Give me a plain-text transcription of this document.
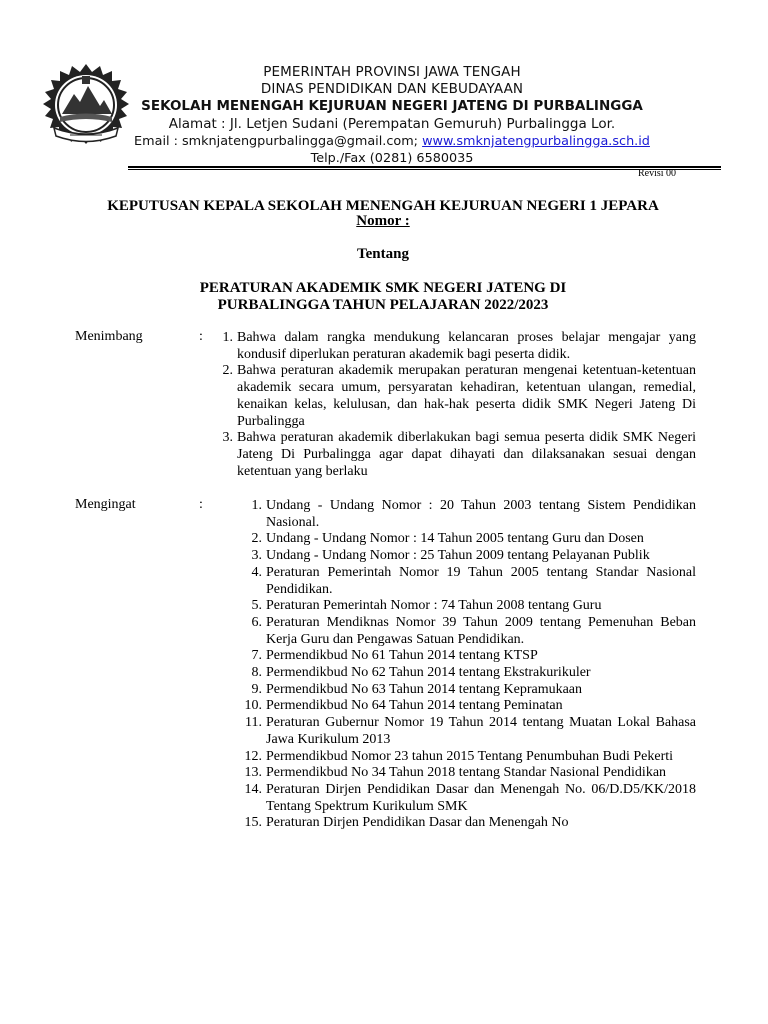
PEMERINTAH PROVINSI JAWA TENGAH
DINAS PENDIDIKAN DAN KEBUDAYAAN
SEKOLAH MENENGAH KEJURUAN NEGERI JATENG DI PURBALINGGA
Alamat : Jl. Letjen Sudani (Perempatan Gemuruh) Purbalingga Lor.
Email : smknjatengpurbalingga@gmail.com; www.smknjatengpurbalingga.sch.id
Telp./Fax (0281) 6580035
Revisi 00
KEPUTUSAN KEPALA SEKOLAH MENENGAH KEJURUAN NEGERI 1 JEPARA
Nomor :
Tentang
PERATURAN AKADEMIK SMK NEGERI JATENG DI
PURBALINGGA TAHUN PELAJARAN 2022/2023
Menimbang	:	1. Bahwa dalam rangka mendukung kelancaran proses belajar mengajar yang kondusif diperlukan peraturan akademik bagi peserta didik.
2. Bahwa peraturan akademik merupakan peraturan mengenai ketentuan-ketentuan akademik secara umum, persyaratan kehadiran, ketentuan ulangan, remedial, kenaikan kelas, kelulusan, dan hak-hak peserta didik SMK Negeri Jateng Di Purbalingga
3. Bahwa peraturan akademik diberlakukan bagi semua peserta didik SMK Negeri Jateng Di Purbalingga agar dapat dihayati dan dilaksanakan sesuai dengan ketentuan yang berlaku
Mengingat	:	1. Undang - Undang Nomor : 20 Tahun 2003 tentang Sistem Pendidikan Nasional.
2. Undang - Undang Nomor : 14 Tahun 2005 tentang Guru dan Dosen
3. Undang - Undang Nomor : 25 Tahun 2009 tentang Pelayanan Publik
4. Peraturan Pemerintah Nomor 19 Tahun 2005 tentang Standar Nasional Pendidikan.
5. Peraturan Pemerintah Nomor : 74 Tahun 2008 tentang Guru
6. Peraturan Mendiknas Nomor 39 Tahun 2009 tentang Pemenuhan Beban Kerja Guru dan Pengawas Satuan Pendidikan.
7. Permendikbud No 61 Tahun 2014 tentang KTSP
8. Permendikbud No 62 Tahun 2014 tentang Ekstrakurikuler
9. Permendikbud No 63 Tahun 2014 tentang Kepramukaan
10. Permendikbud No 64 Tahun 2014 tentang Peminatan
11. Peraturan Gubernur Nomor 19 Tahun 2014 tentang Muatan Lokal Bahasa Jawa Kurikulum 2013
12. Permendikbud Nomor 23 tahun 2015 Tentang Penumbuhan Budi Pekerti
13. Permendikbud No 34 Tahun 2018 tentang Standar Nasional Pendidikan
14. Peraturan Dirjen Pendidikan Dasar dan Menengah No. 06/D.D5/KK/2018 Tentang Spektrum Kurikulum SMK
15. Peraturan Dirjen Pendidikan Dasar dan Menengah No
